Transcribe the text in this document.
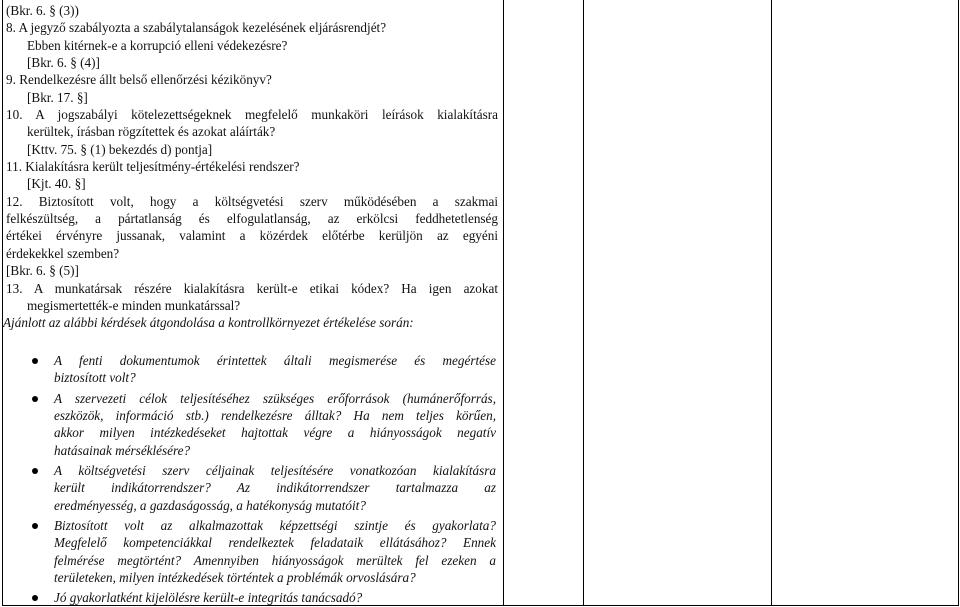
(Bkr. 6. § (3))
8. A jegyző szabályozta a szabálytalanságok kezelésének eljárásrendjét?
Ebben kitérnek-e a korrupció elleni védekezésre?
[Bkr. 6. § (4)]
9. Rendelkezésre állt belső ellenőrzési kézikönyv?
[Bkr. 17. §]
10. A jogszabályi kötelezettségeknek megfelelő munkaköri leírások kialakításra
kerültek, írásban rögzítettek és azokat aláírták?
[Kttv. 75. § (1) bekezdés d) pontja]
11. Kialakításra került teljesítmény-értékelési rendszer?
[Kjt. 40. §]
12. Biztosított volt, hogy a költségvetési szerv működésében a szakmai
felkészültség, a pártatlanság és elfogulatlanság, az erkölcsi feddhetetlenség
értékei érvényre jussanak, valamint a közérdek előtérbe kerüljön az egyéni
érdekekkel szemben?
[Bkr. 6. § (5)]
13. A munkatársak részére kialakításra került-e etikai kódex? Ha igen azokat
megismertették-e minden munkatárssal?
Ajánlott az alábbi kérdések átgondolása a kontrollkörnyezet értékelése során:
A fenti dokumentumok érintettek általi megismerése és megértése
biztosított volt?
A szervezeti célok teljesítéséhez szükséges erőforrások (humánerőforrás,
eszközök, információ stb.) rendelkezésre álltak? Ha nem teljes körűen,
akkor milyen intézkedéseket hajtottak végre a hiányosságok negatív
hatásainak mérséklésére?
A költségvetési szerv céljainak teljesítésére vonatkozóan kialakításra
került indikátorrendszer? Az indikátorrendszer tartalmazza az
eredményesség, a gazdaságosság, a hatékonyság mutatóit?
Biztosított volt az alkalmazottak képzettségi szintje és gyakorlata?
Megfelelő kompetenciákkal rendelkeztek feladataik ellátásához? Ennek
felmérése megtörtént? Amennyiben hiányosságok merültek fel ezeken a
területeken, milyen intézkedések történtek a problémák orvoslására?
Jó gyakorlatként kijelölésre került-e integritás tanácsadó?
